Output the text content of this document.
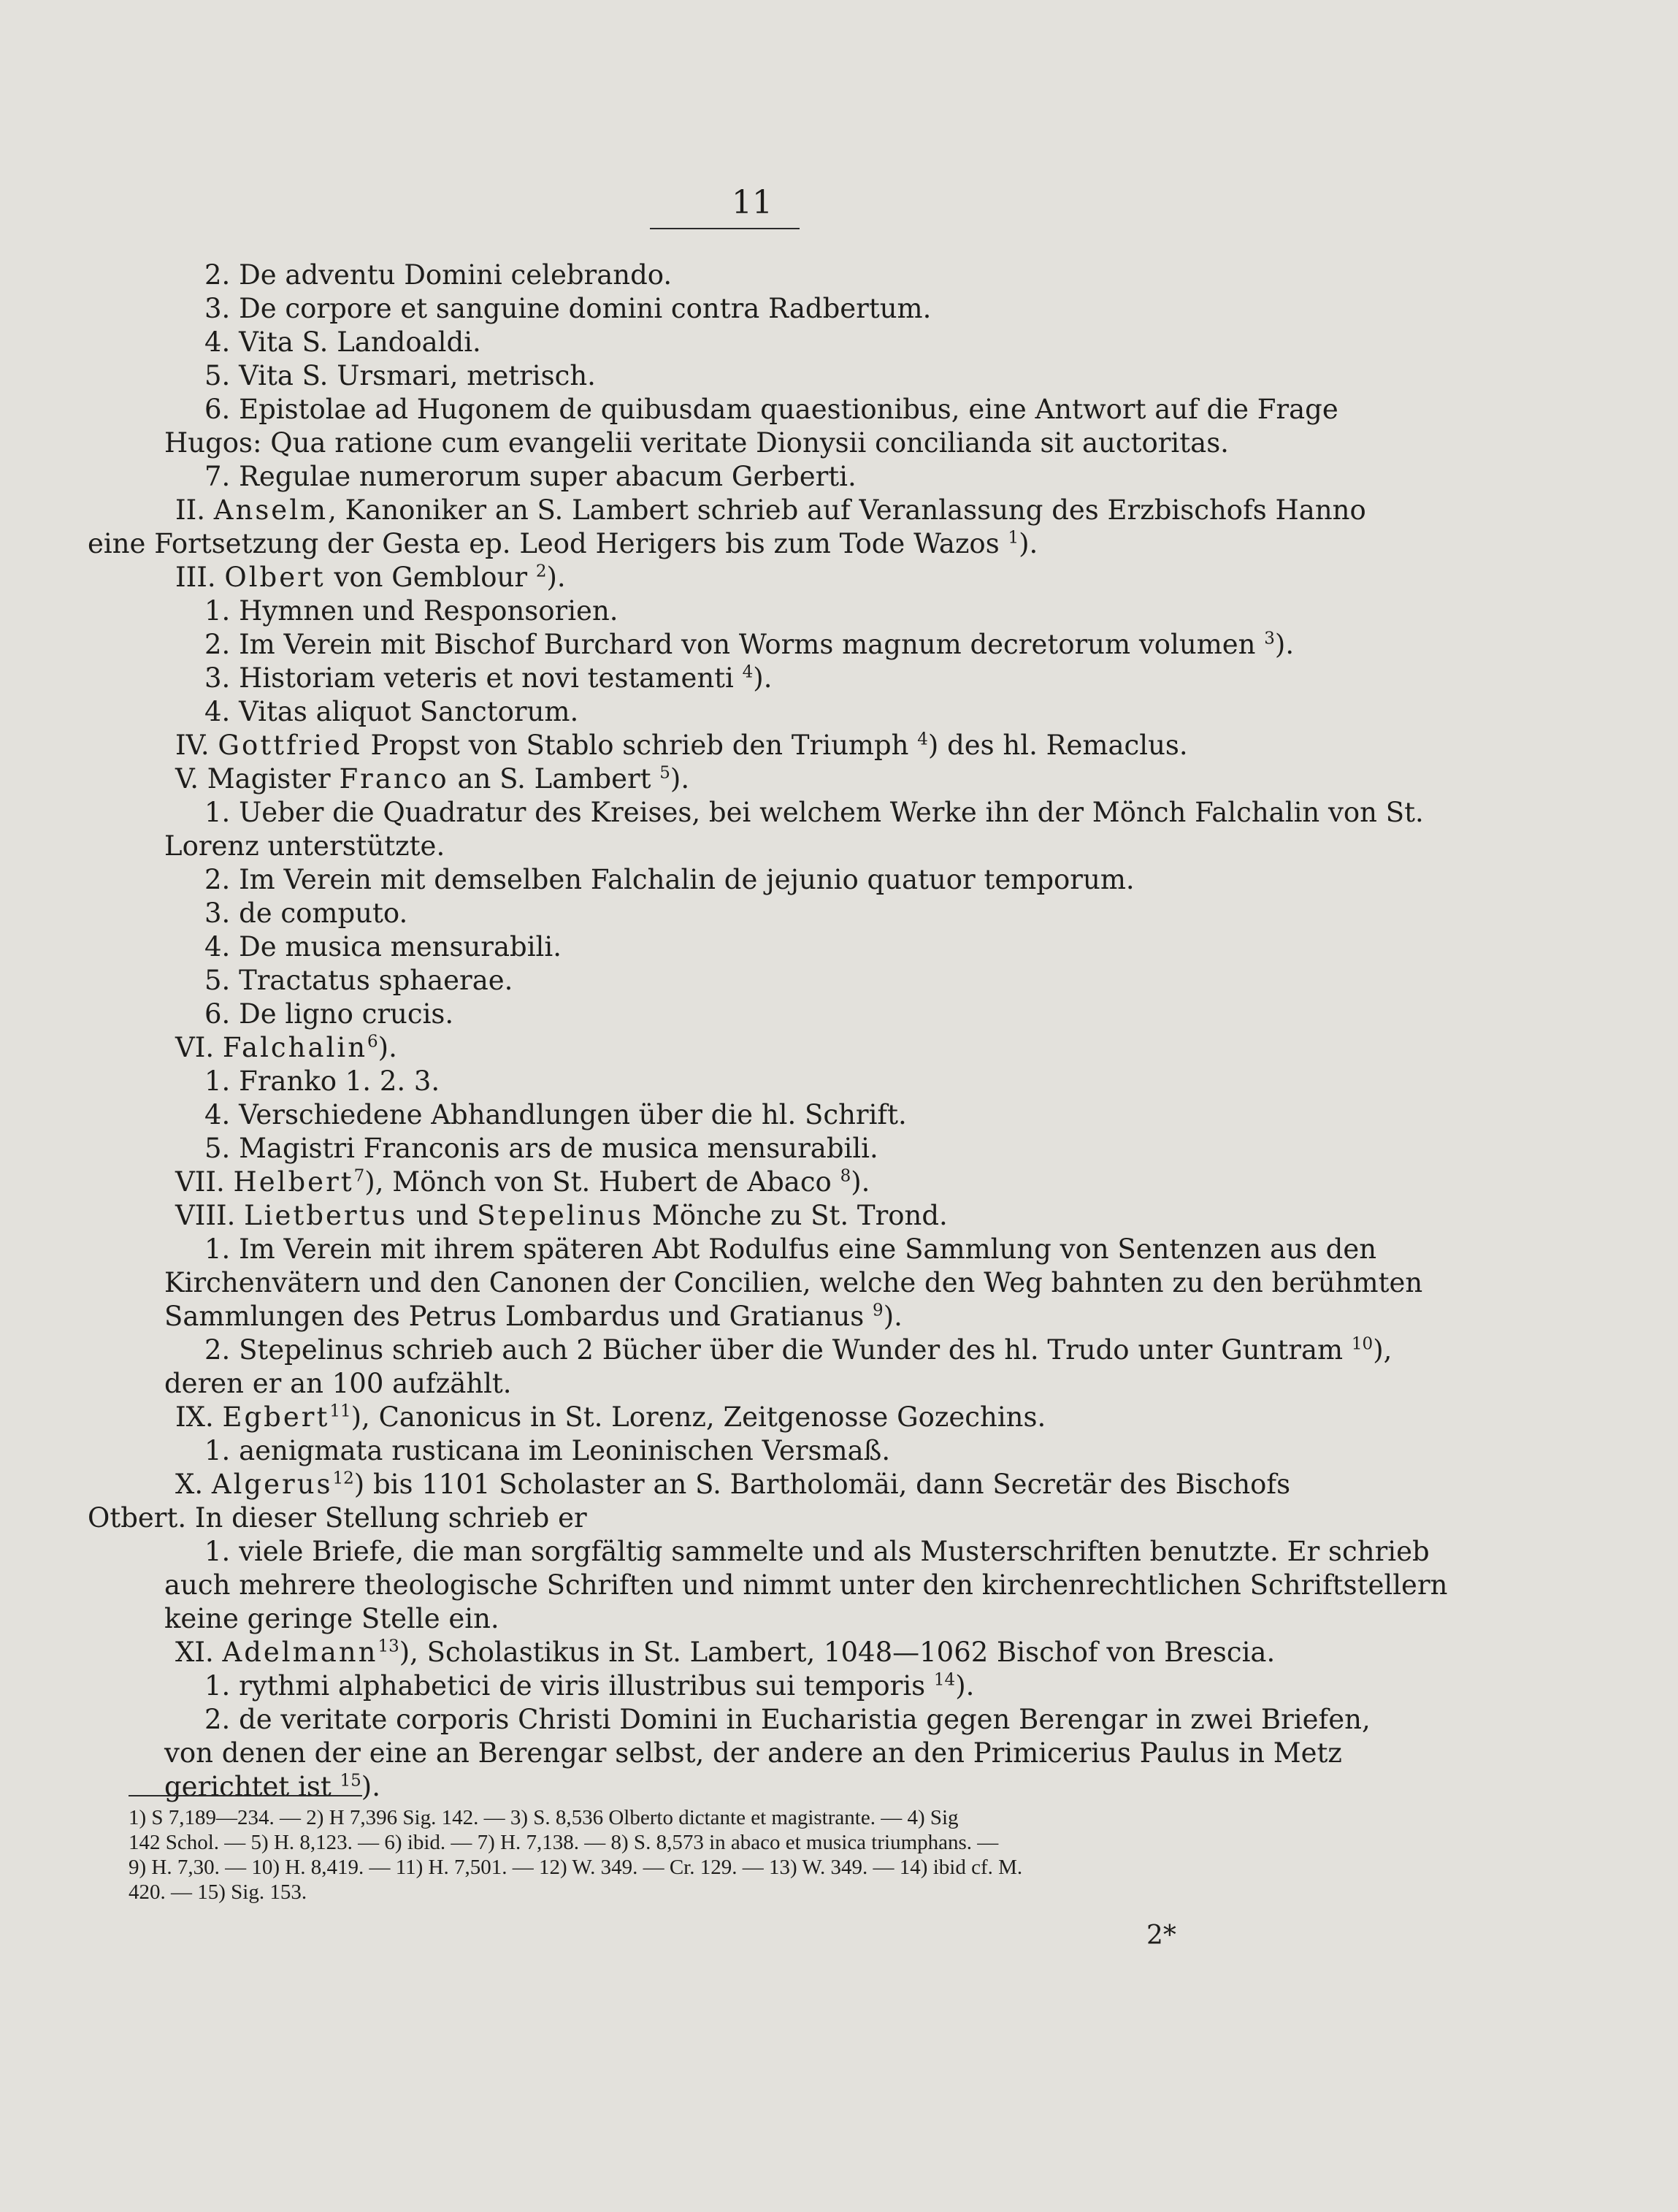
11
2. De adventu Domini celebrando.
3. De corpore et sanguine domini contra Radbertum.
4. Vita S. Landoaldi.
5. Vita S. Ursmari, metrisch.
6. Epistolae ad Hugonem de quibusdam quaestionibus, eine Antwort auf die Frage
Hugos: Qua ratione cum evangelii veritate Dionysii concilianda sit auctoritas.
7. Regulae numerorum super abacum Gerberti.
II. Anselm, Kanoniker an S. Lambert schrieb auf Veranlassung des Erzbischofs Hanno
eine Fortsetzung der Gesta ep. Leod Herigers bis zum Tode Wazos $^1$).
III. Olbert von Gemblour $^2$).
1. Hymnen und Responsorien.
2. Im Verein mit Bischof Burchard von Worms magnum decretorum volumen $^3$).
3. Historiam veteris et novi testamenti $^4$).
4. Vitas aliquot Sanctorum.
IV. Gottfried Propst von Stablo schrieb den Triumph $^4$) des hl. Remaclus.
V. Magister Franco an S. Lambert $^5$).
1. Ueber die Quadratur des Kreises, bei welchem Werke ihn der Mönch Falchalin von St.
Lorenz unterstützte.
2. Im Verein mit demselben Falchalin de jejunio quatuor temporum.
3. de computo.
4. De musica mensurabili.
5. Tractatus sphaerae.
6. De ligno crucis.
VI. Falchalin$^6$).
1. Franko 1. 2. 3.
4. Verschiedene Abhandlungen über die hl. Schrift.
5. Magistri Franconis ars de musica mensurabili.
VII. Helbert$^7$), Mönch von St. Hubert de Abaco $^8$).
VIII. Lietbertus und Stepelinus Mönche zu St. Trond.
1. Im Verein mit ihrem späteren Abt Rodulfus eine Sammlung von Sentenzen aus den
Kirchenvätern und den Canonen der Concilien, welche den Weg bahnten zu den berühmten
Sammlungen des Petrus Lombardus und Gratianus $^9$).
2. Stepelinus schrieb auch 2 Bücher über die Wunder des hl. Trudo unter Guntram $^{10}$),
deren er an 100 aufzählt.
IX. Egbert$^{11}$), Canonicus in St. Lorenz, Zeitgenosse Gozechins.
1. aenigmata rusticana im Leoninischen Versmaß.
X. Algerus$^{12}$) bis 1101 Scholaster an S. Bartholomäi, dann Secretär des Bischofs
Otbert. In dieser Stellung schrieb er
1. viele Briefe, die man sorgfältig sammelte und als Musterschriften benutzte. Er schrieb
auch mehrere theologische Schriften und nimmt unter den kirchenrechtlichen Schriftstellern
keine geringe Stelle ein.
XI. Adelmann$^{13}$), Scholastikus in St. Lambert, 1048—1062 Bischof von Brescia.
1. rythmi alphabetici de viris illustribus sui temporis $^{14}$).
2. de veritate corporis Christi Domini in Eucharistia gegen Berengar in zwei Briefen,
von denen der eine an Berengar selbst, der andere an den Primicerius Paulus in Metz
gerichtet ist $^{15}$).
1) S 7,189—234. — 2) H 7,396 Sig. 142. — 3) S. 8,536 Olberto dictante et magistrante. — 4) Sig
142 Schol. — 5) H. 8,123. — 6) ibid. — 7) H. 7,138. — 8) S. 8,573 in abaco et musica triumphans. —
9) H. 7,30. — 10) H. 8,419. — 11) H. 7,501. — 12) W. 349. — Cr. 129. — 13) W. 349. — 14) ibid cf. M.
420. — 15) Sig. 153.
2*
